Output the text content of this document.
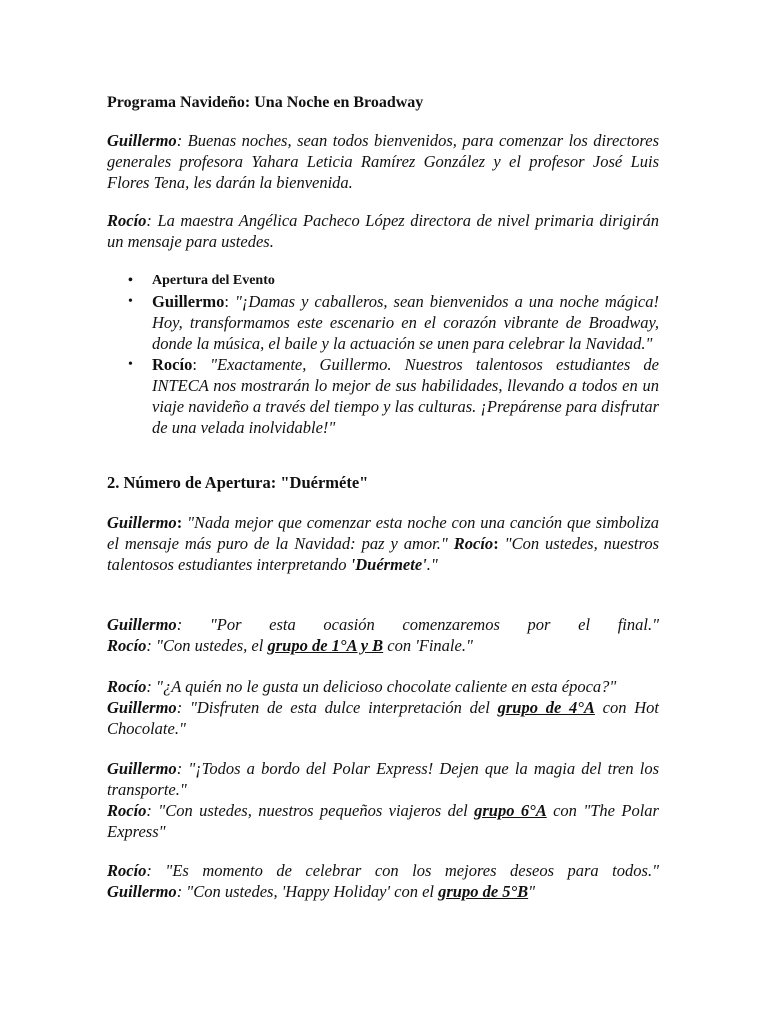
Programa Navideño: Una Noche en Broadway

Guillermo: Buenas noches, sean todos bienvenidos, para comenzar los directores generales profesora Yahara Leticia Ramírez González y el profesor José Luis Flores Tena, les darán la bienvenida.

Rocío: La maestra Angélica Pacheco López directora de nivel primaria dirigirán un mensaje para ustedes.

• Apertura del Evento
• Guillermo: "¡Damas y caballeros, sean bienvenidos a una noche mágica! Hoy, transformamos este escenario en el corazón vibrante de Broadway, donde la música, el baile y la actuación se unen para celebrar la Navidad."
• Rocío: "Exactamente, Guillermo. Nuestros talentosos estudiantes de INTECA nos mostrarán lo mejor de sus habilidades, llevando a todos en un viaje navideño a través del tiempo y las culturas. ¡Prepárense para disfrutar de una velada inolvidable!"
2. Número de Apertura: "Duérméte"

Guillermo: "Nada mejor que comenzar esta noche con una canción que simboliza el mensaje más puro de la Navidad: paz y amor." Rocío: "Con ustedes, nuestros talentosos estudiantes interpretando 'Duérmete'."

Guillermo: "Por esta ocasión comenzaremos por el final."
Rocío: "Con ustedes, el grupo de 1°A y B con 'Finale."

Rocío: "¿A quién no le gusta un delicioso chocolate caliente en esta época?"
Guillermo: "Disfruten de esta dulce interpretación del grupo de 4°A con Hot Chocolate."

Guillermo: "¡Todos a bordo del Polar Express! Dejen que la magia del tren los transporte."
Rocío: "Con ustedes, nuestros pequeños viajeros del grupo 6°A con "The Polar Express"

Rocío: "Es momento de celebrar con los mejores deseos para todos."
Guillermo: "Con ustedes, 'Happy Holiday' con el grupo de 5°B"
